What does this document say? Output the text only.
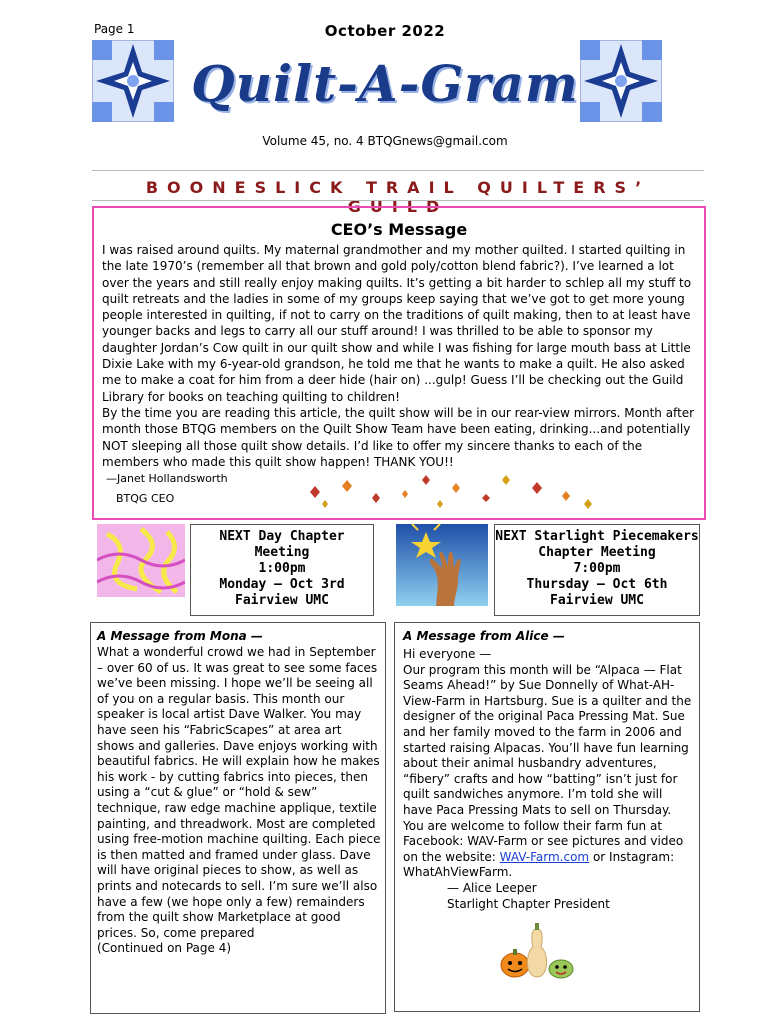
Page 1	October 2022
Quilt-A-Gram
Volume 45, no. 4 BTQGnews@gmail.com
BOONESLICK TRAIL QUILTERS’ GUILD
CEO’s Message

I was raised around quilts. My maternal grandmother and my mother quilted. I started quilting in the late 1970’s (remember all that brown and gold poly/cotton blend fabric?). I’ve learned a lot over the years and still really enjoy making quilts. It’s getting a bit harder to schlep all my stuff to quilt retreats and the ladies in some of my groups keep saying that we’ve got to get more young people interested in quilting, if not to carry on the traditions of quilt making, then to at least have younger backs and legs to carry all our stuff around! I was thrilled to be able to sponsor my daughter Jordan’s Cow quilt in our quilt show and while I was fishing for large mouth bass at Little Dixie Lake with my 6-year-old grandson, he told me that he wants to make a quilt. He also asked me to make a coat for him from a deer hide (hair on) ...gulp! Guess I’ll be checking out the Guild Library for books on teaching quilting to children!

By the time you are reading this article, the quilt show will be in our rear-view mirrors. Month after month those BTQG members on the Quilt Show Team have been eating, drinking...and potentially NOT sleeping all those quilt show details. I’d like to offer my sincere thanks to each of the members who made this quilt show happen! THANK YOU!!

—Janet Hollandsworth
BTQG CEO
NEXT Day Chapter
Meeting
1:00pm
Monday — Oct 3rd
Fairview UMC
NEXT Starlight Piecemakers
Chapter Meeting
7:00pm
Thursday — Oct 6th
Fairview UMC
A Message from Mona —
What a wonderful crowd we had in September – over 60 of us. It was great to see some faces we’ve been missing. I hope we’ll be seeing all of you on a regular basis. This month our speaker is local artist Dave Walker. You may have seen his “FabricScapes” at area art shows and galleries. Dave enjoys working with beautiful fabrics. He will explain how he makes his work - by cutting fabrics into pieces, then using a “cut & glue” or “hold & sew” technique, raw edge machine applique, textile painting, and threadwork. Most are completed using free-motion machine quilting. Each piece is then matted and framed under glass. Dave will have original pieces to show, as well as prints and notecards to sell. I’m sure we’ll also have a few (we hope only a few) remainders from the quilt show Marketplace at good prices. So, come prepared
(Continued on Page 4)
A Message from Alice —
Hi everyone —
Our program this month will be “Alpaca — Flat Seams Ahead!” by Sue Donnelly of What-AH-View-Farm in Hartsburg. Sue is a quilter and the designer of the original Paca Pressing Mat. Sue and her family moved to the farm in 2006 and started raising Alpacas. You’ll have fun learning about their animal husbandry adventures, “fibery” crafts and how “batting” isn’t just for quilt sandwiches anymore. I’m told she will have Paca Pressing Mats to sell on Thursday. You are welcome to follow their farm fun at Facebook: WAV-Farm or see pictures and video on the website: WAV-Farm.com or Instagram: WhatAhViewFarm.
— Alice Leeper
Starlight Chapter President
